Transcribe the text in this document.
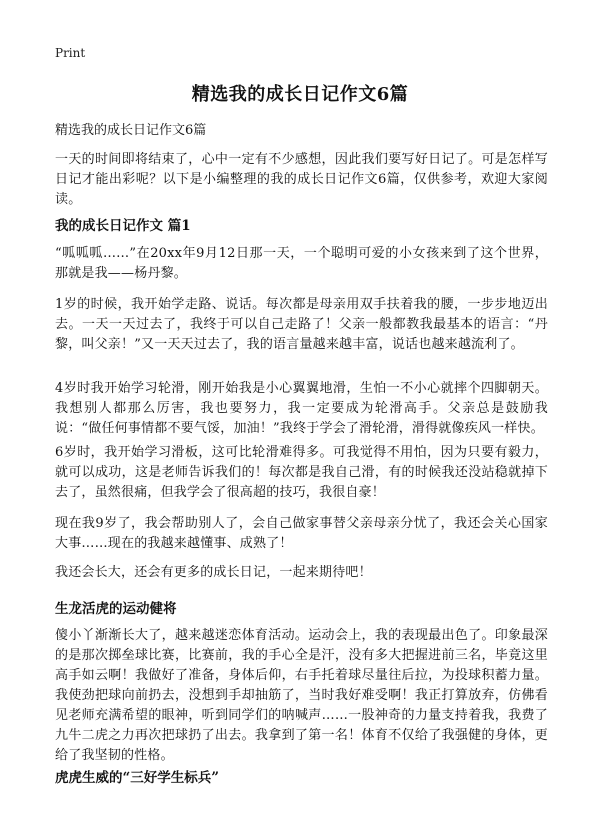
Print
精选我的成长日记作文6篇
精选我的成长日记作文6篇

一天的时间即将结束了，心中一定有不少感想，因此我们要写好日记了。可是怎样写日记才能出彩呢？以下是小编整理的我的成长日记作文6篇，仅供参考，欢迎大家阅读。

我的成长日记作文 篇1

“呱呱呱……”在20xx年9月12日那一天，一个聪明可爱的小女孩来到了这个世界，那就是我——杨丹黎。

1岁的时候，我开始学走路、说话。每次都是母亲用双手扶着我的腰，一步步地迈出去。一天一天过去了，我终于可以自己走路了！父亲一般都教我最基本的语言：“丹黎，叫父亲！”又一天天过去了，我的语言量越来越丰富，说话也越来越流利了。

4岁时我开始学习轮滑，刚开始我是小心翼翼地滑，生怕一不小心就摔个四脚朝天。我想别人都那么厉害，我也要努力，我一定要成为轮滑高手。父亲总是鼓励我说：“做任何事情都不要气馁，加油！”我终于学会了滑轮滑，滑得就像疾风一样快。

6岁时，我开始学习滑板，这可比轮滑难得多。可我觉得不用怕，因为只要有毅力，就可以成功，这是老师告诉我们的！每次都是我自己滑，有的时候我还没站稳就掉下去了，虽然很痛，但我学会了很高超的技巧，我很自豪！

现在我9岁了，我会帮助别人了，会自己做家事替父亲母亲分忧了，我还会关心国家大事……现在的我越来越懂事、成熟了！

我还会长大，还会有更多的成长日记，一起来期待吧！

生龙活虎的运动健将

傻小丫渐渐长大了，越来越迷恋体育活动。运动会上，我的表现最出色了。印象最深的是那次掷垒球比赛，比赛前，我的手心全是汗，没有多大把握进前三名，毕竟这里高手如云啊！我做好了准备，身体后仰，右手托着球尽量往后拉，为投球积蓄力量。我使劲把球向前扔去，没想到手却抽筋了，当时我好难受啊！我正打算放弃，仿佛看见老师充满希望的眼神，听到同学们的呐喊声……一股神奇的力量支持着我，我费了九牛二虎之力再次把球扔了出去。我拿到了第一名！体育不仅给了我强健的身体，更给了我坚韧的性格。

虎虎生威的“三好学生标兵”
